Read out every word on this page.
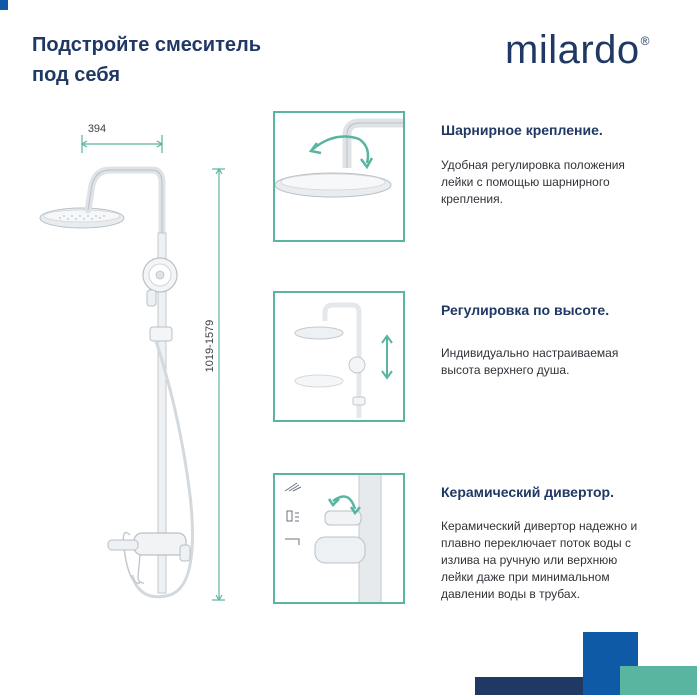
Подстройте смеситель
под себя
milardo®
394
1019-1579
Шарнирное крепление.
Удобная регулировка положения
лейки с помощью шарнирного
крепления.
Регулировка по высоте.
Индивидуально настраиваемая
высота верхнего душа.
Керамический дивертор.
Керамический дивертор надежно и
плавно переключает поток воды с
излива на ручную или верхнюю
лейки даже при минимальном
давлении воды в трубах.
